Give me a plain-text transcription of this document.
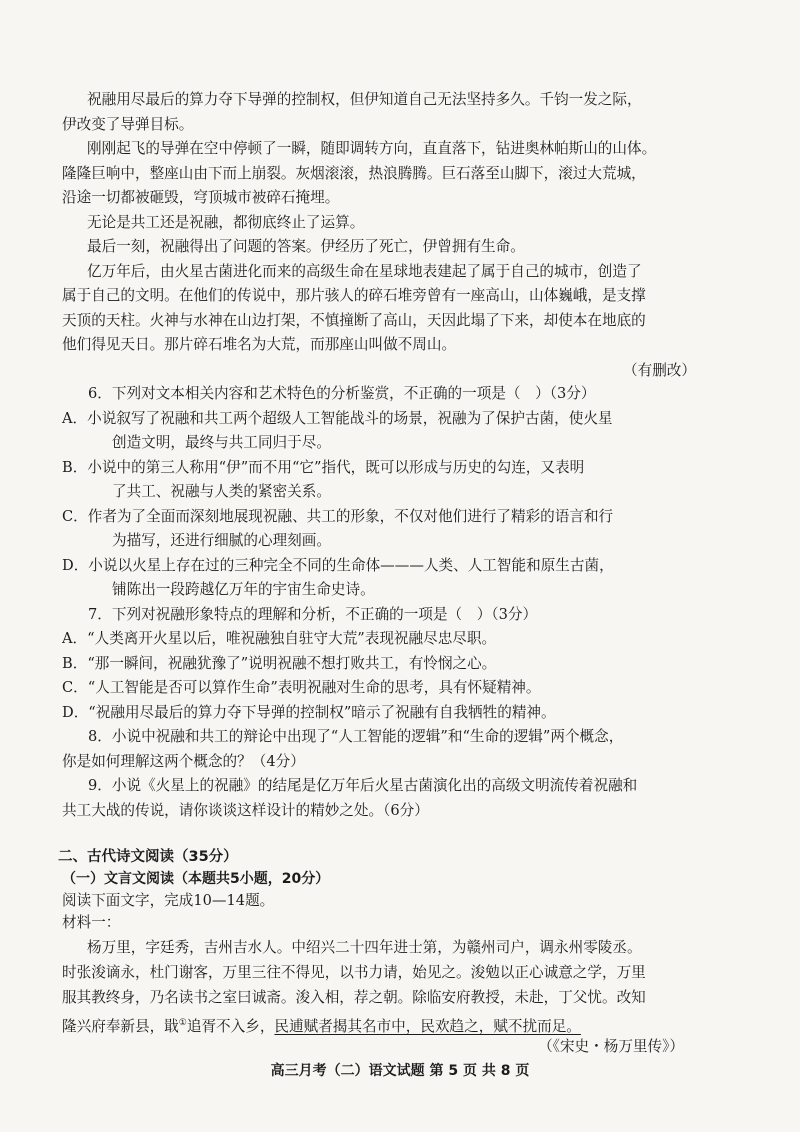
祝融用尽最后的算力夺下导弹的控制权，但伊知道自己无法坚持多久。千钧一发之际，
伊改变了导弹目标。
刚刚起飞的导弹在空中停顿了一瞬，随即调转方向，直直落下，钻进奥林帕斯山的山体。
隆隆巨响中，整座山由下而上崩裂。灰烟滚滚，热浪腾腾。巨石落至山脚下，滚过大荒城，
沿途一切都被砸毁，穹顶城市被碎石掩埋。
无论是共工还是祝融，都彻底终止了运算。
最后一刻，祝融得出了问题的答案。伊经历了死亡，伊曾拥有生命。
亿万年后，由火星古菌进化而来的高级生命在星球地表建起了属于自己的城市，创造了
属于自己的文明。在他们的传说中，那片骇人的碎石堆旁曾有一座高山，山体巍峨，是支撑
天顶的天柱。火神与水神在山边打架，不慎撞断了高山，天因此塌了下来，却使本在地底的
他们得见天日。那片碎石堆名为大荒，而那座山叫做不周山。
（有删改）
6．下列对文本相关内容和艺术特色的分析鉴赏，不正确的一项是（　）（3分）
A．小说叙写了祝融和共工两个超级人工智能战斗的场景，祝融为了保护古菌，使火星
创造文明，最终与共工同归于尽。
B．小说中的第三人称用“伊”而不用“它”指代，既可以形成与历史的勾连，又表明
了共工、祝融与人类的紧密关系。
C．作者为了全面而深刻地展现祝融、共工的形象，不仅对他们进行了精彩的语言和行
为描写，还进行细腻的心理刻画。
D．小说以火星上存在过的三种完全不同的生命体———人类、人工智能和原生古菌，
铺陈出一段跨越亿万年的宇宙生命史诗。
7．下列对祝融形象特点的理解和分析，不正确的一项是（　）（3分）
A．“人类离开火星以后，唯祝融独自驻守大荒”表现祝融尽忠尽职。
B．“那一瞬间，祝融犹豫了”说明祝融不想打败共工，有怜悯之心。
C．“人工智能是否可以算作生命”表明祝融对生命的思考，具有怀疑精神。
D．“祝融用尽最后的算力夺下导弹的控制权”暗示了祝融有自我牺牲的精神。
8．小说中祝融和共工的辩论中出现了“人工智能的逻辑”和“生命的逻辑”两个概念，
你是如何理解这两个概念的？（4分）
9．小说《火星上的祝融》的结尾是亿万年后火星古菌演化出的高级文明流传着祝融和
共工大战的传说，请你谈谈这样设计的精妙之处。（6分）
二、古代诗文阅读（35分）
（一）文言文阅读（本题共5小题，20分）
阅读下面文字，完成10—14题。
材料一：
杨万里，字廷秀，吉州吉水人。中绍兴二十四年进士第，为赣州司户，调永州零陵丞。
时张浚谪永，杜门谢客，万里三往不得见，以书力请，始见之。浚勉以正心诚意之学，万里
服其教终身，乃名读书之室曰诚斋。浚入相，荐之朝。除临安府教授，未赴，丁父忧。改知
隆兴府奉新县，戢①追胥不入乡，民逋赋者揭其名市中，民欢趋之，赋不扰而足。
（《宋史・杨万里传》）
高三月考（二）语文试题 第 5 页 共 8 页
